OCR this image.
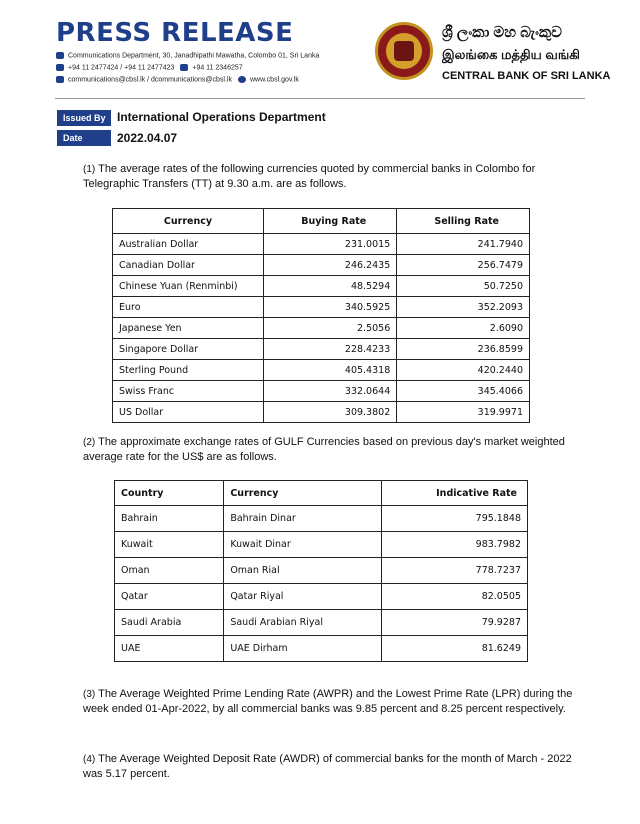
PRESS RELEASE
Communications Department, 30, Janadhipathi Mawatha, Colombo 01, Sri Lanka
+94 11 2477424 / +94 11 2477423	+94 11 2346257
communications@cbsl.lk / dcommunications@cbsl.lk	www.cbsl.gov.lk
ශ්‍රී ලංකා මහ බැංකුව
இலங்கை மத்திய வங்கி
CENTRAL BANK OF SRI LANKA
Issued By International Operations Department
Date	2022.04.07
(1) The average rates of the following currencies quoted by commercial banks in Colombo for Telegraphic Transfers (TT) at 9.30 a.m. are as follows.
Currency	Buying Rate	Selling Rate
Australian Dollar	231.0015	241.7940
Canadian Dollar	246.2435	256.7479
Chinese Yuan (Renminbi)	48.5294	50.7250
Euro	340.5925	352.2093
Japanese Yen	2.5056	2.6090
Singapore Dollar	228.4233	236.8599
Sterling Pound	405.4318	420.2440
Swiss Franc	332.0644	345.4066
US Dollar	309.3802	319.9971
(2) The approximate exchange rates of GULF Currencies based on previous day's market weighted average rate for the US$ are as follows.
Country	Currency	Indicative Rate
Bahrain	Bahrain Dinar	795.1848
Kuwait	Kuwait Dinar	983.7982
Oman	Oman Rial	778.7237
Qatar	Qatar Riyal	82.0505
Saudi Arabia	Saudi Arabian Riyal	79.9287
UAE	UAE Dirham	81.6249
(3) The Average Weighted Prime Lending Rate (AWPR) and the Lowest Prime Rate (LPR) during the week ended 01-Apr-2022, by all commercial banks was 9.85 percent and 8.25 percent respectively.
(4) The Average Weighted Deposit Rate (AWDR) of commercial banks for the month of March - 2022 was 5.17 percent.
